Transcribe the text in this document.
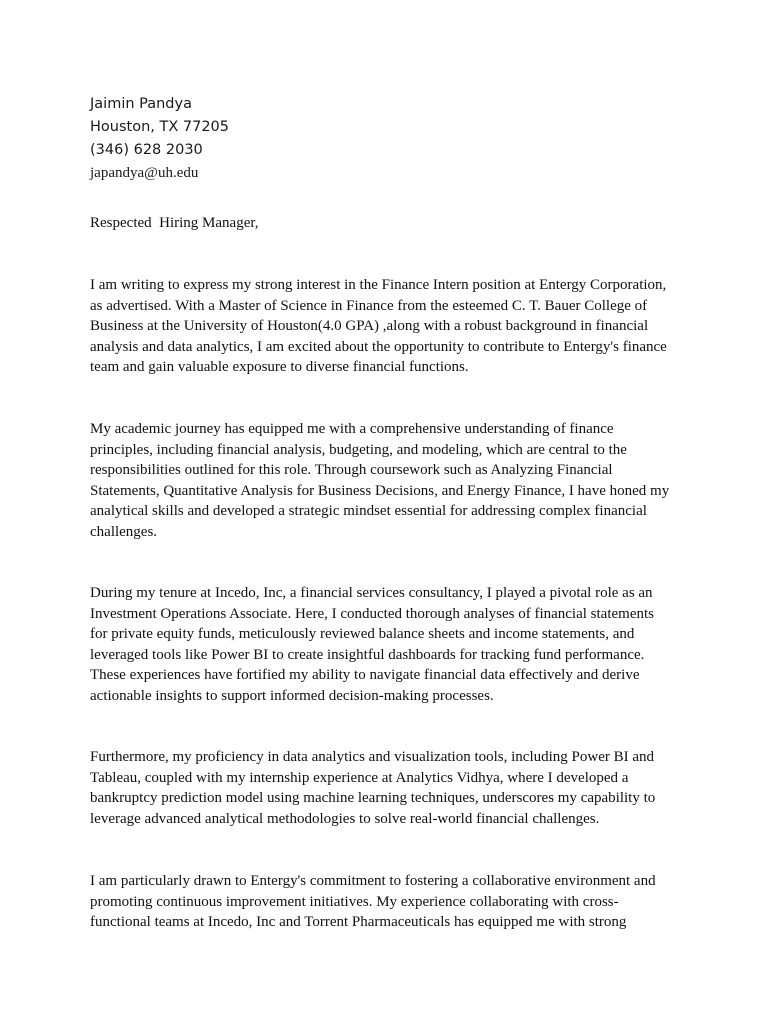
Jaimin Pandya
Houston, TX 77205
(346) 628 2030
japandya@uh.edu
Respected  Hiring Manager,
I am writing to express my strong interest in the Finance Intern position at Entergy Corporation,
as advertised. With a Master of Science in Finance from the esteemed C. T. Bauer College of
Business at the University of Houston(4.0 GPA) ,along with a robust background in financial
analysis and data analytics, I am excited about the opportunity to contribute to Entergy's finance
team and gain valuable exposure to diverse financial functions.
My academic journey has equipped me with a comprehensive understanding of finance
principles, including financial analysis, budgeting, and modeling, which are central to the
responsibilities outlined for this role. Through coursework such as Analyzing Financial
Statements, Quantitative Analysis for Business Decisions, and Energy Finance, I have honed my
analytical skills and developed a strategic mindset essential for addressing complex financial
challenges.
During my tenure at Incedo, Inc, a financial services consultancy, I played a pivotal role as an
Investment Operations Associate. Here, I conducted thorough analyses of financial statements
for private equity funds, meticulously reviewed balance sheets and income statements, and
leveraged tools like Power BI to create insightful dashboards for tracking fund performance.
These experiences have fortified my ability to navigate financial data effectively and derive
actionable insights to support informed decision-making processes.
Furthermore, my proficiency in data analytics and visualization tools, including Power BI and
Tableau, coupled with my internship experience at Analytics Vidhya, where I developed a
bankruptcy prediction model using machine learning techniques, underscores my capability to
leverage advanced analytical methodologies to solve real-world financial challenges.
I am particularly drawn to Entergy's commitment to fostering a collaborative environment and
promoting continuous improvement initiatives. My experience collaborating with cross-
functional teams at Incedo, Inc and Torrent Pharmaceuticals has equipped me with strong
